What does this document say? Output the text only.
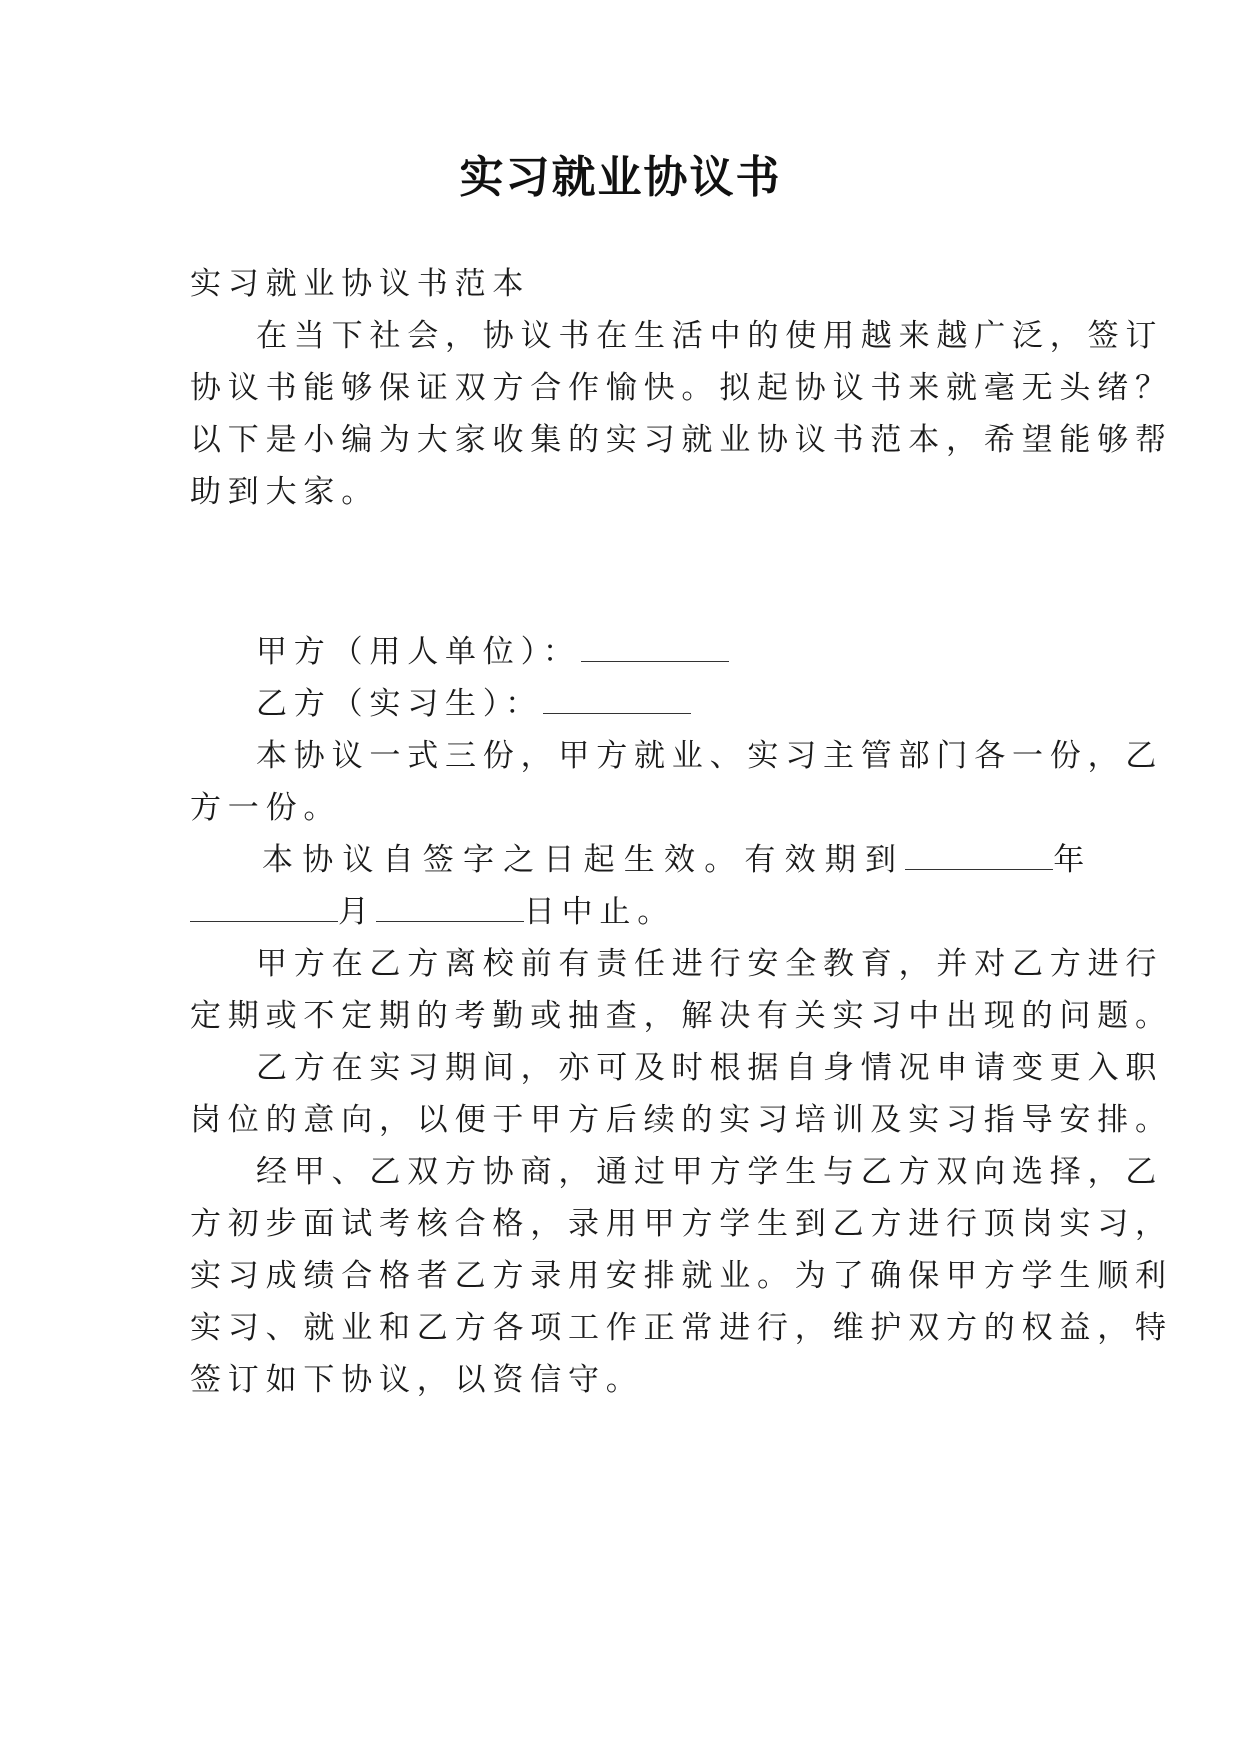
实习就业协议书
实习就业协议书范本
在当下社会，协议书在生活中的使用越来越广泛，签订
协议书能够保证双方合作愉快。拟起协议书来就毫无头绪？
以下是小编为大家收集的实习就业协议书范本，希望能够帮
助到大家。
甲方（用人单位）：
乙方（实习生）：
本协议一式三份，甲方就业、实习主管部门各一份，乙
方一份。
本协议自签字之日起生效。有效期到	年
月	日中止。
甲方在乙方离校前有责任进行安全教育，并对乙方进行
定期或不定期的考勤或抽查，解决有关实习中出现的问题。
乙方在实习期间，亦可及时根据自身情况申请变更入职
岗位的意向，以便于甲方后续的实习培训及实习指导安排。
经甲、乙双方协商，通过甲方学生与乙方双向选择，乙
方初步面试考核合格，录用甲方学生到乙方进行顶岗实习，
实习成绩合格者乙方录用安排就业。为了确保甲方学生顺利
实习、就业和乙方各项工作正常进行，维护双方的权益，特
签订如下协议，以资信守。
